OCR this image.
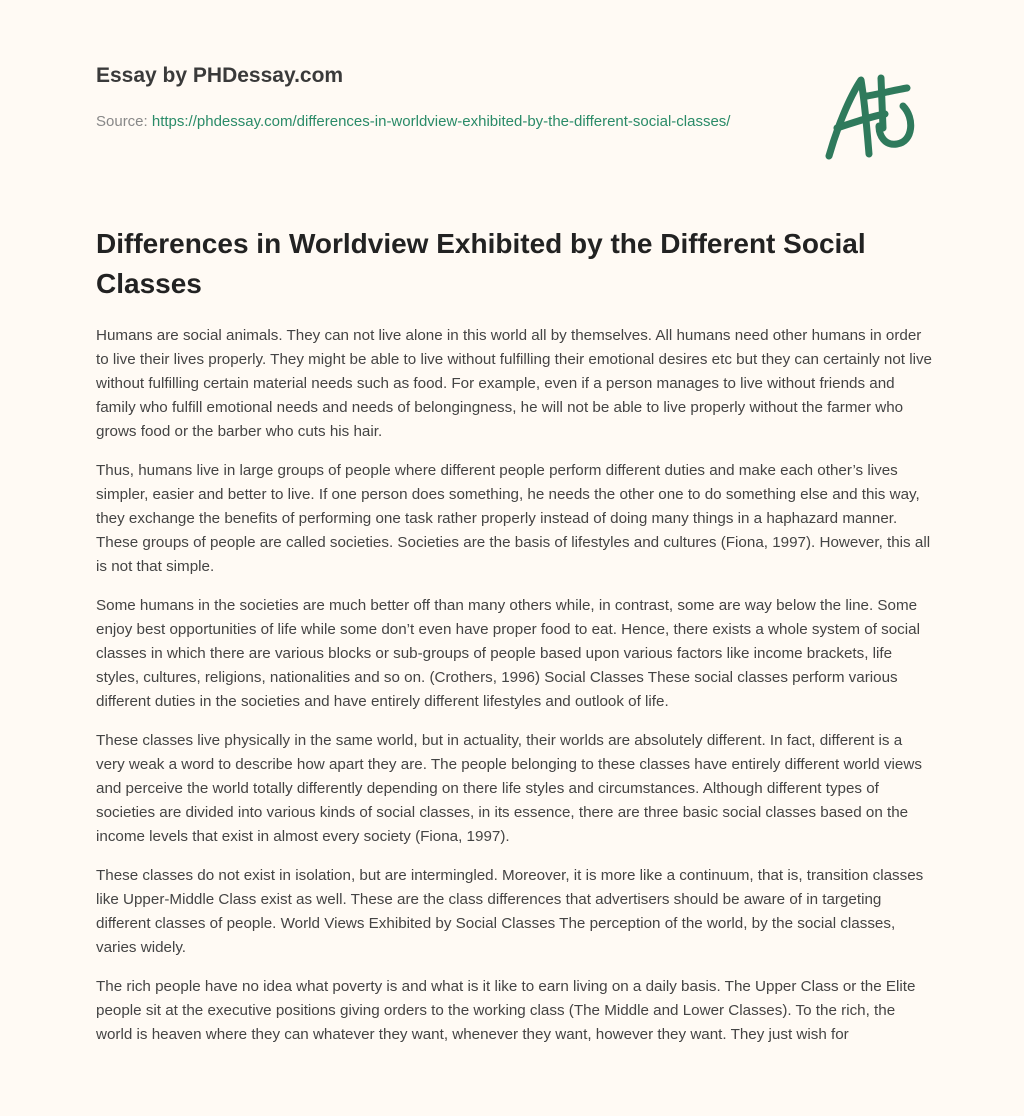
Essay by PHDessay.com
Source: https://phdessay.com/differences-in-worldview-exhibited-by-the-different-social-classes/
Differences in Worldview Exhibited by the Different Social Classes

Humans are social animals. They can not live alone in this world all by themselves. All humans need other humans in order to live their lives properly. They might be able to live without fulfilling their emotional desires etc but they can certainly not live without fulfilling certain material needs such as food. For example, even if a person manages to live without friends and family who fulfill emotional needs and needs of belongingness, he will not be able to live properly without the farmer who grows food or the barber who cuts his hair.

Thus, humans live in large groups of people where different people perform different duties and make each other’s lives simpler, easier and better to live. If one person does something, he needs the other one to do something else and this way, they exchange the benefits of performing one task rather properly instead of doing many things in a haphazard manner. These groups of people are called societies. Societies are the basis of lifestyles and cultures (Fiona, 1997). However, this all is not that simple.

Some humans in the societies are much better off than many others while, in contrast, some are way below the line. Some enjoy best opportunities of life while some don’t even have proper food to eat. Hence, there exists a whole system of social classes in which there are various blocks or sub-groups of people based upon various factors like income brackets, life styles, cultures, religions, nationalities and so on. (Crothers, 1996) Social Classes These social classes perform various different duties in the societies and have entirely different lifestyles and outlook of life.

These classes live physically in the same world, but in actuality, their worlds are absolutely different. In fact, different is a very weak a word to describe how apart they are. The people belonging to these classes have entirely different world views and perceive the world totally differently depending on there life styles and circumstances. Although different types of societies are divided into various kinds of social classes, in its essence, there are three basic social classes based on the income levels that exist in almost every society (Fiona, 1997).

These classes do not exist in isolation, but are intermingled. Moreover, it is more like a continuum, that is, transition classes like Upper-Middle Class exist as well. These are the class differences that advertisers should be aware of in targeting different classes of people. World Views Exhibited by Social Classes The perception of the world, by the social classes, varies widely.

The rich people have no idea what poverty is and what is it like to earn living on a daily basis. The Upper Class or the Elite people sit at the executive positions giving orders to the working class (The Middle and Lower Classes). To the rich, the world is heaven where they can whatever they want, whenever they want, however they want. They just wish for
